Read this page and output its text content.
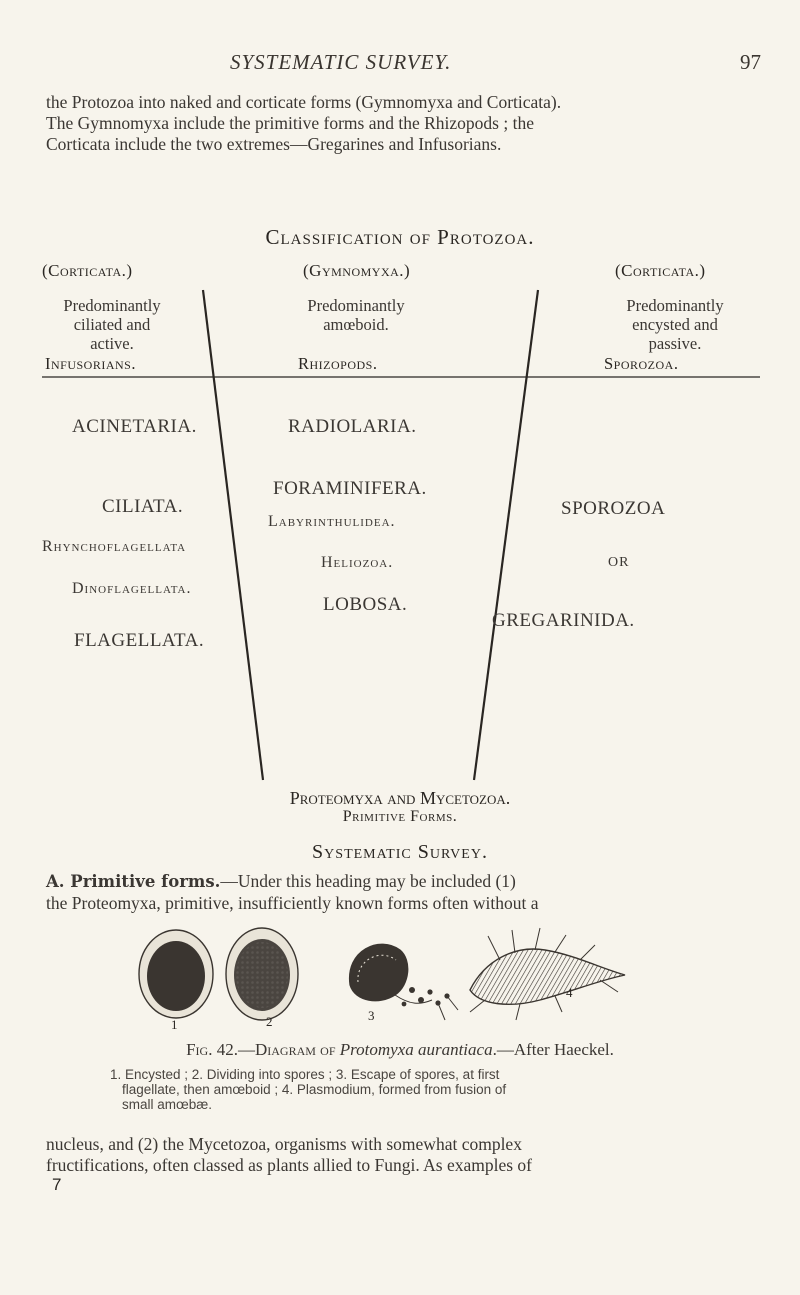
SYSTEMATIC SURVEY.	97
the Protozoa into naked and corticate forms (Gymnomyxa and Corticata).
The Gymnomyxa include the primitive forms and the Rhizopods ; the
Corticata include the two extremes—Gregarines and Infusorians.
Classification of Protozoa.
(Corticata.)	(Gymnomyxa.)	(Corticata.)
Predominantly
ciliated and
active.
Infusorians.
Predominantly
amœboid.
Rhizopods.
Predominantly
encysted and
passive.
Sporozoa.
ACINETARIA.
CILIATA.
Rhynchoflagellata
Dinoflagellata.
FLAGELLATA.
RADIOLARIA.
FORAMINIFERA.
Labyrinthulidea.
Heliozoa.
LOBOSA.
SPOROZOA
OR
GREGARINIDA.
Proteomyxa and Mycetozoa.
Primitive Forms.
Systematic Survey.
A. Primitive forms.—Under this heading may be included (1)
the Proteomyxa, primitive, insufficiently known forms often without a
1	2	3
4
Fig. 42.—Diagram of Protomyxa aurantiaca.—After Haeckel.
1. Encysted ; 2. Dividing into spores ; 3. Escape of spores, at first
flagellate, then amœboid ; 4. Plasmodium, formed from fusion of
small amœbæ.
nucleus, and (2) the Mycetozoa, organisms with somewhat complex
fructifications, often classed as plants allied to Fungi. As examples of
7
